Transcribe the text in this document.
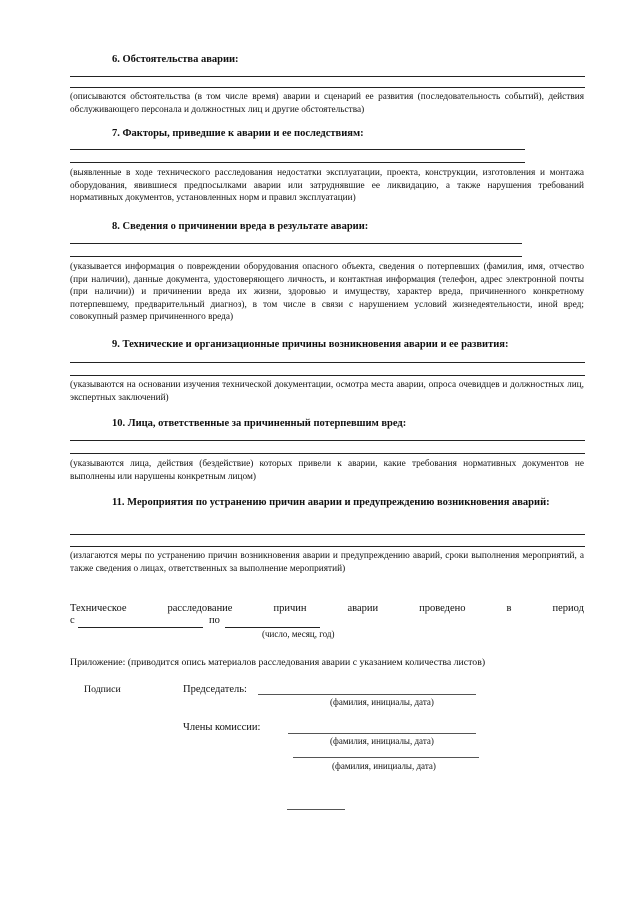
6. Обстоятельства аварии:
(описываются обстоятельства (в том числе время) аварии и сценарий ее развития (последовательность событий), действия обслуживающего персонала и должностных лиц и другие обстоятельства)
7. Факторы, приведшие к аварии и ее последствиям:
(выявленные в ходе технического расследования недостатки эксплуатации, проекта, конструкции, изготовления и монтажа оборудования, явившиеся предпосылками аварии или затруднявшие ее ликвидацию, а также нарушения требований нормативных документов, установленных норм и правил эксплуатации)
8. Сведения о причинении вреда в результате аварии:
(указывается информация о повреждении оборудования опасного объекта, сведения о потерпевших (фамилия, имя, отчество (при наличии), данные документа, удостоверяющего личность, и контактная информация (телефон, адрес электронной почты (при наличии)) и причинении вреда их жизни, здоровью и имуществу, характер вреда, причиненного конкретному потерпевшему, предварительный диагноз), в том числе в связи с нарушением условий жизнедеятельности, иной вред; совокупный размер причиненного вреда)
9. Технические и организационные причины возникновения аварии и ее развития:
(указываются на основании изучения технической документации, осмотра места аварии, опроса очевидцев и должностных лиц, экспертных заключений)
10. Лица, ответственные за причиненный потерпевшим вред:
(указываются лица, действия (бездействие) которых привели к аварии, какие требования нормативных документов не выполнены или нарушены конкретным лицом)
11. Мероприятия по устранению причин аварии и предупреждению возникновения аварий:
(излагаются меры по устранению причин возникновения аварии и предупреждению аварий, сроки выполнения мероприятий, а также сведения о лицах, ответственных за выполнение мероприятий)
Техническое	расследование	причин	аварии	проведено	в	период
с	по
(число, месяц, год)
Приложение: (приводится опись материалов расследования аварии с указанием количества листов)
Подписи	Председатель:
(фамилия, инициалы, дата)
Члены комиссии:
(фамилия, инициалы, дата)
(фамилия, инициалы, дата)
